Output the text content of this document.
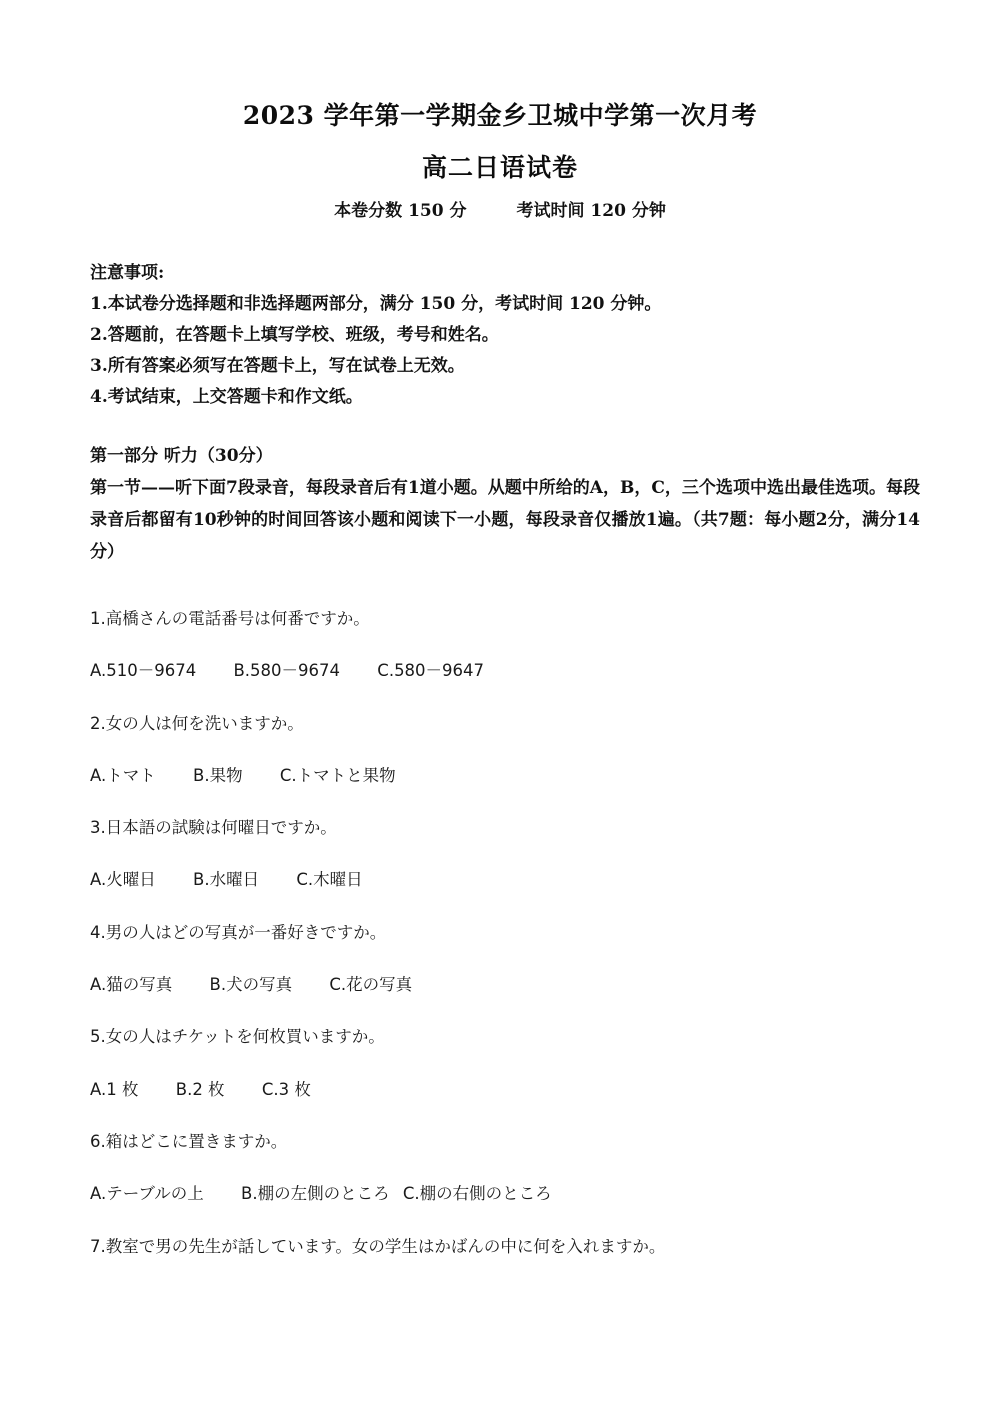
2023 学年第一学期金乡卫城中学第一次月考
高二日语试卷
本卷分数 150 分	考试时间 120 分钟
注意事项:
1.本试卷分选择题和非选择题两部分，满分 150 分，考试时间 120 分钟。
2.答题前，在答题卡上填写学校、班级，考号和姓名。
3.所有答案必须写在答题卡上，写在试卷上无效。
4.考试结束，上交答题卡和作文纸。
第一部分 听力（30分）
第一节——听下面7段录音，每段录音后有1道小题。从题中所给的A，B，C，三个选项中选出最佳选项。每段录音后都留有10秒钟的时间回答该小题和阅读下一小题，每段录音仅播放1遍。（共7题：每小题2分，满分14分）
1.高橋さんの電話番号は何番ですか。
A.510－9674 B.580－9674 C.580－9647
2.女の人は何を洗いますか。
A.トマト B.果物 C.トマトと果物
3.日本語の試験は何曜日ですか。
A.火曜日 B.水曜日 C.木曜日
4.男の人はどの写真が一番好きですか。
A.猫の写真 B.犬の写真 C.花の写真
5.女の人はチケットを何枚買いますか。
A.1 枚 B.2 枚 C.3 枚
6.箱はどこに置きますか。
A.テーブルの上 B.棚の左側のところ C.棚の右側のところ
7.教室で男の先生が話しています。女の学生はかばんの中に何を入れますか。
